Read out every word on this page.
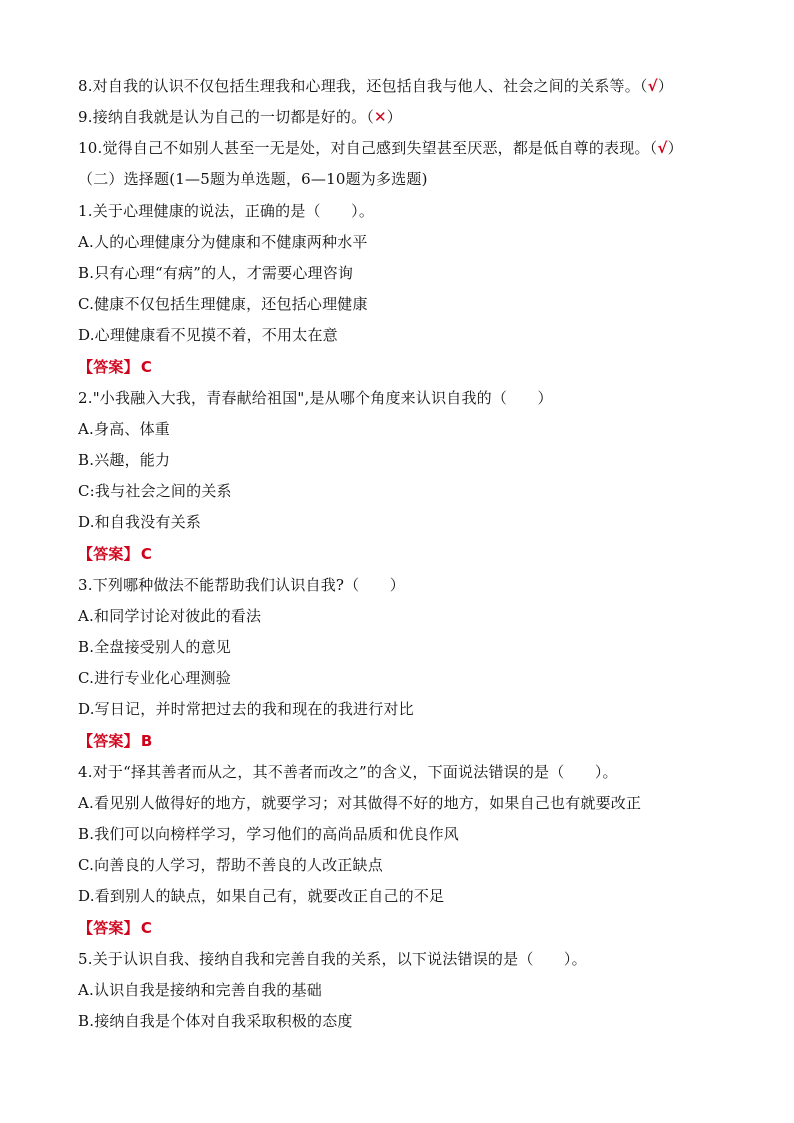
8.对自我的认识不仅包括生理我和心理我，还包括自我与他人、社会之间的关系等。（√）
9.接纳自我就是认为自己的一切都是好的。（✕）
10.觉得自己不如别人甚至一无是处，对自己感到失望甚至厌恶，都是低自尊的表现。（√）
（二）选择题(1—5题为单选题，6—10题为多选题)
1.关于心理健康的说法，正确的是（　　）。
A.人的心理健康分为健康和不健康两种水平
B.只有心理“有病”的人，才需要心理咨询
C.健康不仅包括生理健康，还包括心理健康
D.心理健康看不见摸不着，不用太在意
【答案】 C
2."小我融入大我，青春献给祖国",是从哪个角度来认识自我的（　　）
A.身高、体重
B.兴趣，能力
C:我与社会之间的关系
D.和自我没有关系
【答案】 C
3.下列哪种做法不能帮助我们认识自我?（　　）
A.和同学讨论对彼此的看法
B.全盘接受别人的意见
C.进行专业化心理测验
D.写日记，并时常把过去的我和现在的我进行对比
【答案】 B
4.对于“择其善者而从之，其不善者而改之”的含义，下面说法错误的是（　　）。
A.看见别人做得好的地方，就要学习；对其做得不好的地方，如果自己也有就要改正
B.我们可以向榜样学习，学习他们的高尚品质和优良作风
C.向善良的人学习，帮助不善良的人改正缺点
D.看到别人的缺点，如果自己有，就要改正自己的不足
【答案】 C
5.关于认识自我、接纳自我和完善自我的关系，以下说法错误的是（　　）。
A.认识自我是接纳和完善自我的基础
B.接纳自我是个体对自我采取积极的态度
